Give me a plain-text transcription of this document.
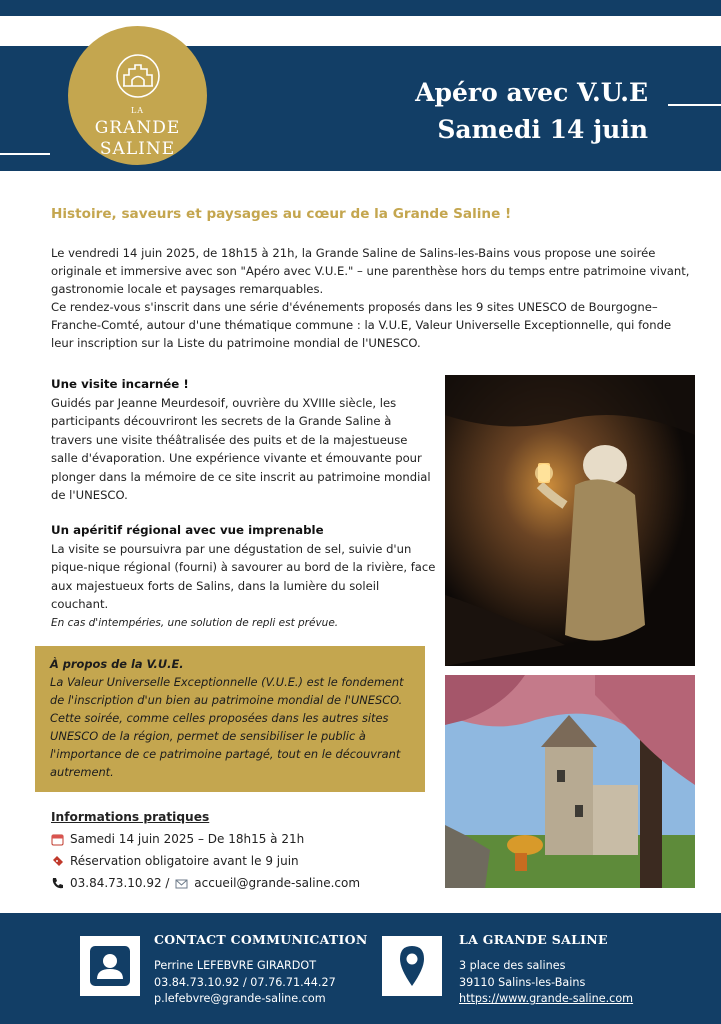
Apéro avec V.U.E
Samedi 14 juin
LA
GRANDE
SALINE
Histoire, saveurs et paysages au cœur de la Grande Saline !

Le vendredi 14 juin 2025, de 18h15 à 21h, la Grande Saline de Salins-les-Bains vous propose une soirée originale et immersive avec son "Apéro avec V.U.E." – une parenthèse hors du temps entre patrimoine vivant, gastronomie locale et paysages remarquables.

Ce rendez-vous s'inscrit dans une série d'événements proposés dans les 9 sites UNESCO de Bourgogne–Franche-Comté, autour d'une thématique commune : la V.U.E, Valeur Universelle Exceptionnelle, qui fonde leur inscription sur la Liste du patrimoine mondial de l'UNESCO.

Une visite incarnée !

Guidés par Jeanne Meurdesoif, ouvrière du XVIIIe siècle, les participants découvriront les secrets de la Grande Saline à travers une visite théâtralisée des puits et de la majestueuse salle d'évaporation. Une expérience vivante et émouvante pour plonger dans la mémoire de ce site inscrit au patrimoine mondial de l'UNESCO.

Un apéritif régional avec vue imprenable

La visite se poursuivra par une dégustation de sel, suivie d'un pique-nique régional (fourni) à savourer au bord de la rivière, face aux majestueux forts de Salins, dans la lumière du soleil couchant.

En cas d'intempéries, une solution de repli est prévue.

À propos de la V.U.E.

La Valeur Universelle Exceptionnelle (V.U.E.) est le fondement de l'inscription d'un bien au patrimoine mondial de l'UNESCO. Cette soirée, comme celles proposées dans les autres sites UNESCO de la région, permet de sensibiliser le public à l'importance de ce patrimoine partagé, tout en le découvrant autrement.

Informations pratiques
Samedi 14 juin 2025 – De 18h15 à 21h
Réservation obligatoire avant le 9 juin
03.84.73.10.92 / accueil@grande-saline.com
CONTACT COMMUNICATION
Perrine LEFEBVRE GIRARDOT
03.84.73.10.92 / 07.76.71.44.27
p.lefebvre@grande-saline.com
LA GRANDE SALINE
3 place des salines
39110 Salins-les-Bains
https://www.grande-saline.com
